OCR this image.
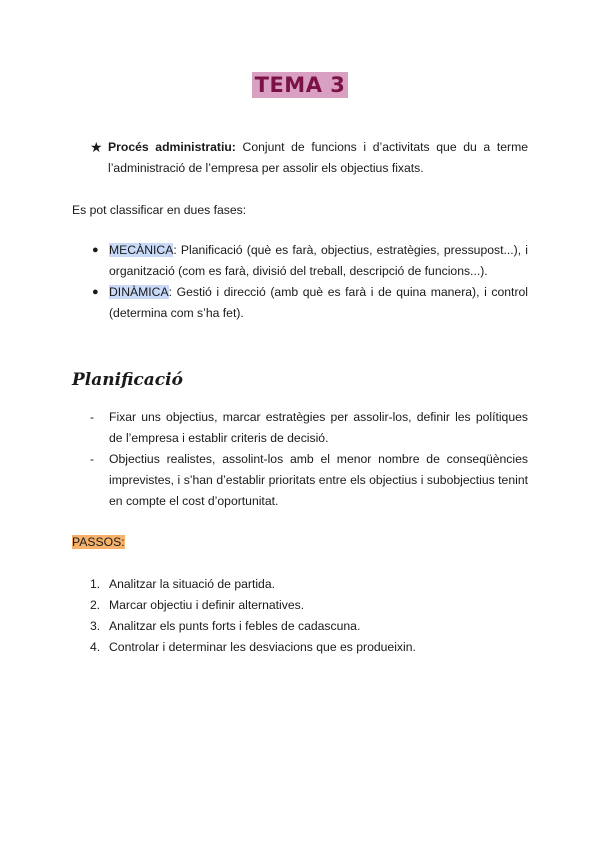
TEMA 3
★ Procés administratiu: Conjunt de funcions i d’activitats que du a terme l’administració de l’empresa per assolir els objectius fixats.
Es pot classificar en dues fases:
● MECÀNICA: Planificació (què es farà, objectius, estratègies, pressupost...), i organització (com es farà, divisió del treball, descripció de funcions...).
● DINÀMICA: Gestió i direcció (amb què es farà i de quina manera), i control (determina com s’ha fet).
Planificació
- Fixar uns objectius, marcar estratègies per assolir-los, definir les polítiques de l’empresa i establir criteris de decisió.
- Objectius realistes, assolint-los amb el menor nombre de conseqüències imprevistes, i s’han d’establir prioritats entre els objectius i subobjectius tenint en compte el cost d’oportunitat.
PASSOS:
1. Analitzar la situació de partida.
2. Marcar objectiu i definir alternatives.
3. Analitzar els punts forts i febles de cadascuna.
4. Controlar i determinar les desviacions que es produeixin.
